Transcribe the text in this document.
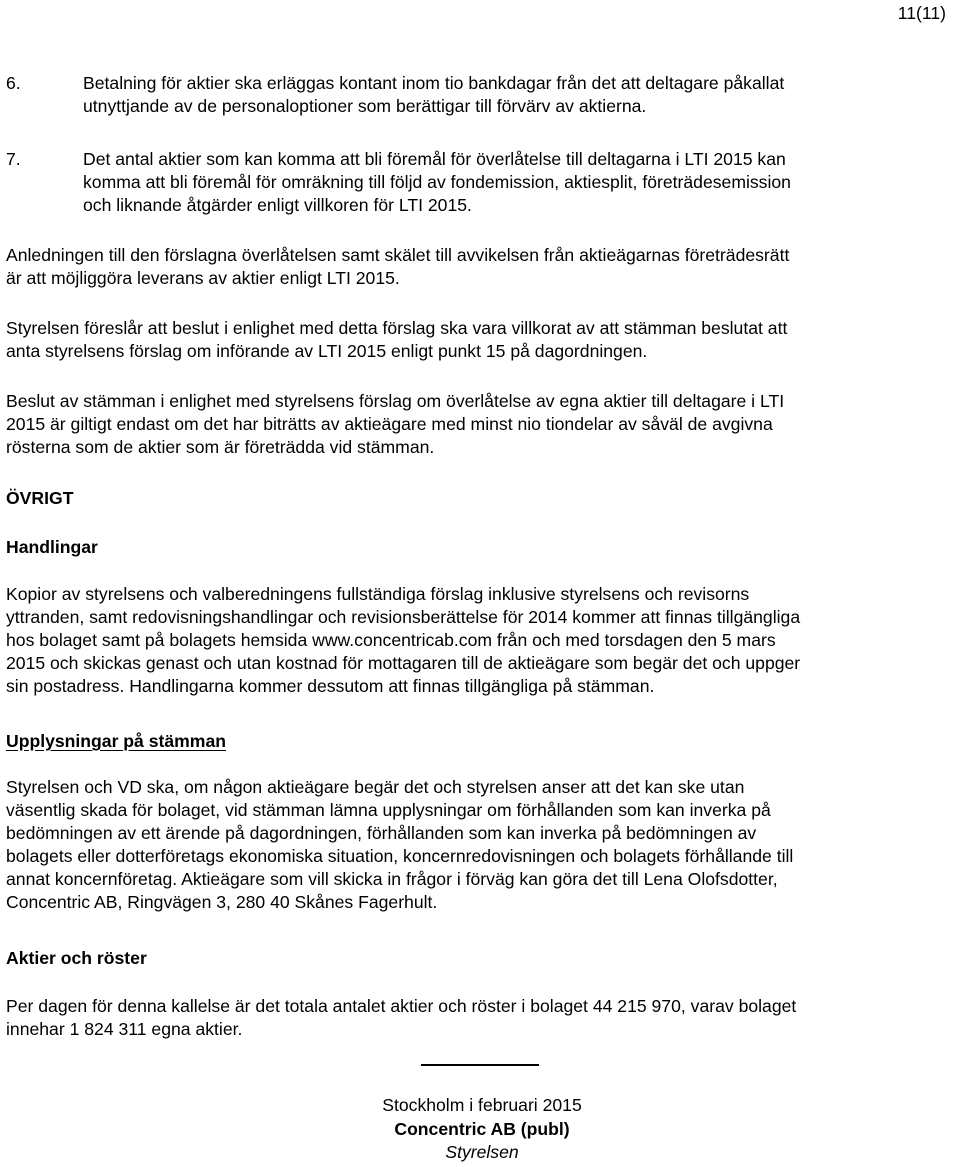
11(11)
6.	Betalning för aktier ska erläggas kontant inom tio bankdagar från det att deltagare påkallat
utnyttjande av de personaloptioner som berättigar till förvärv av aktierna.
7.	Det antal aktier som kan komma att bli föremål för överlåtelse till deltagarna i LTI 2015 kan
komma att bli föremål för omräkning till följd av fondemission, aktiesplit, företrädesemission
och liknande åtgärder enligt villkoren för LTI 2015.
Anledningen till den förslagna överlåtelsen samt skälet till avvikelsen från aktieägarnas företrädesrätt
är att möjliggöra leverans av aktier enligt LTI 2015.
Styrelsen föreslår att beslut i enlighet med detta förslag ska vara villkorat av att stämman beslutat att
anta styrelsens förslag om införande av LTI 2015 enligt punkt 15 på dagordningen.
Beslut av stämman i enlighet med styrelsens förslag om överlåtelse av egna aktier till deltagare i LTI
2015 är giltigt endast om det har biträtts av aktieägare med minst nio tiondelar av såväl de avgivna
rösterna som de aktier som är företrädda vid stämman.
ÖVRIGT
Handlingar
Kopior av styrelsens och valberedningens fullständiga förslag inklusive styrelsens och revisorns
yttranden, samt redovisningshandlingar och revisionsberättelse för 2014 kommer att finnas tillgängliga
hos bolaget samt på bolagets hemsida www.concentricab.com från och med torsdagen den 5 mars
2015 och skickas genast och utan kostnad för mottagaren till de aktieägare som begär det och uppger
sin postadress. Handlingarna kommer dessutom att finnas tillgängliga på stämman.
Upplysningar på stämman
Styrelsen och VD ska, om någon aktieägare begär det och styrelsen anser att det kan ske utan
väsentlig skada för bolaget, vid stämman lämna upplysningar om förhållanden som kan inverka på
bedömningen av ett ärende på dagordningen, förhållanden som kan inverka på bedömningen av
bolagets eller dotterföretags ekonomiska situation, koncernredovisningen och bolagets förhållande till
annat koncernföretag. Aktieägare som vill skicka in frågor i förväg kan göra det till Lena Olofsdotter,
Concentric AB, Ringvägen 3, 280 40 Skånes Fagerhult.
Aktier och röster
Per dagen för denna kallelse är det totala antalet aktier och röster i bolaget 44 215 970, varav bolaget
innehar 1 824 311 egna aktier.
Stockholm i februari 2015
Concentric AB (publ)
Styrelsen
